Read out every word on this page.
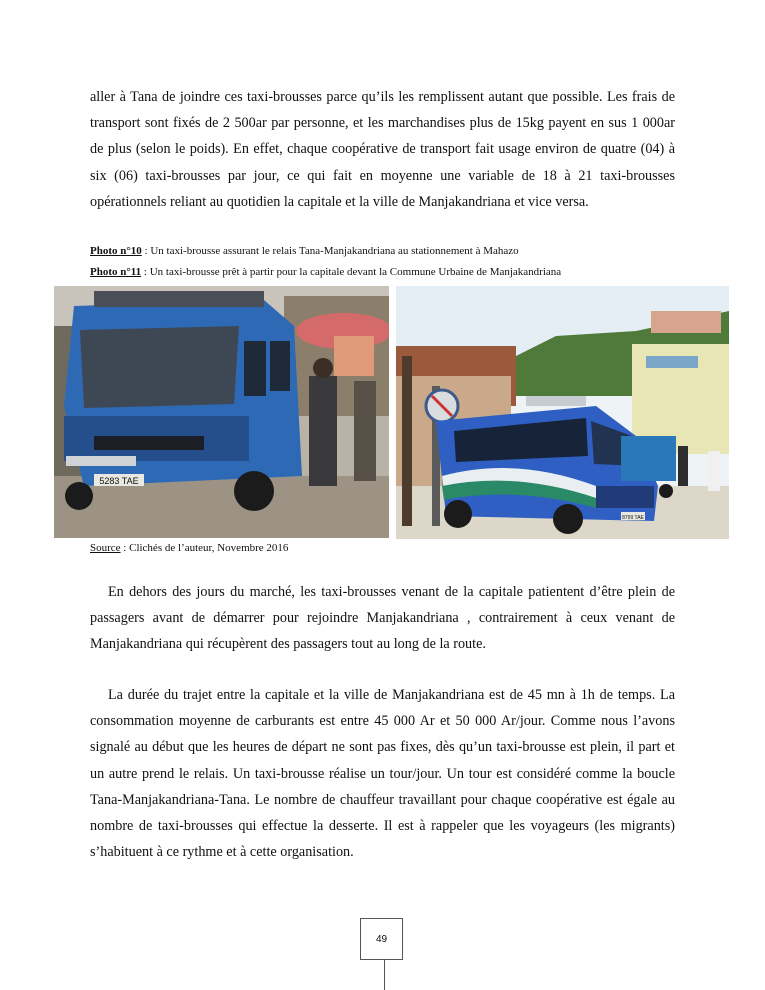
aller à Tana de joindre ces taxi-brousses parce qu’ils les remplissent autant que possible. Les frais de transport sont fixés de 2 500ar par personne, et les marchandises plus de 15kg payent en sus 1 000ar de plus (selon le poids). En effet, chaque coopérative de transport fait usage environ de quatre (04) à six (06) taxi-brousses par jour, ce qui fait en moyenne une variable de 18 à 21 taxi-brousses opérationnels reliant au quotidien la capitale et la ville de Manjakandriana et vice versa.

Photo n°10 : Un taxi-brousse assurant le relais Tana-Manjakandriana au stationnement à Mahazo
Photo n°11 : Un taxi-brousse prêt à partir pour la capitale devant la Commune Urbaine de Manjakandriana
5283 TAE
8799 TAE
Source : Clichés de l’auteur, Novembre 2016

En dehors des jours du marché, les taxi-brousses venant de la capitale patientent d’être plein de passagers avant de démarrer pour rejoindre Manjakandriana , contrairement à ceux venant de Manjakandriana qui récupèrent des passagers tout au long de la route.

La durée du trajet entre la capitale et la ville de Manjakandriana est de 45 mn à 1h de temps. La consommation moyenne de carburants est entre 45 000 Ar et 50 000 Ar/jour. Comme nous l’avons signalé au début que les heures de départ ne sont pas fixes, dès qu’un taxi-brousse est plein, il part et un autre prend le relais. Un taxi-brousse réalise un tour/jour. Un tour est considéré comme la boucle Tana-Manjakandriana-Tana. Le nombre de chauffeur travaillant pour chaque coopérative est égale au nombre de taxi-brousses qui effectue la desserte. Il est à rappeler que les voyageurs (les migrants) s’habituent à ce rythme et à cette organisation.

49
